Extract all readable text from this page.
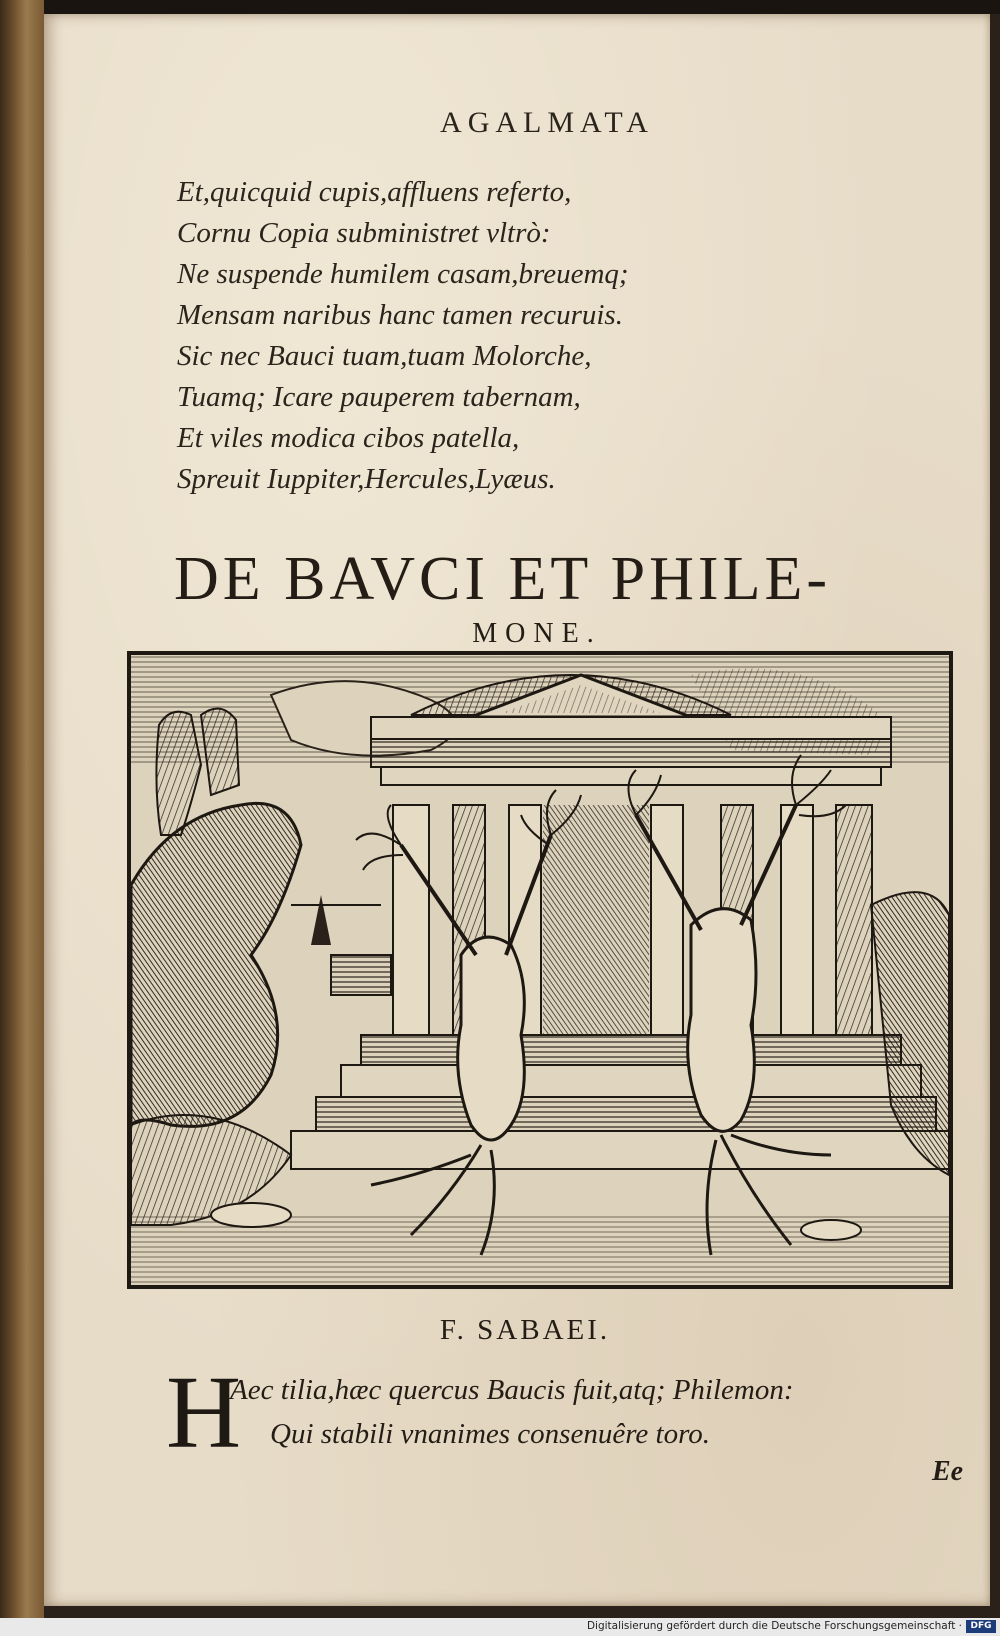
AGALMATA
Et,quicquid cupis,affluens referto,
Cornu Copia subministret vltrò:
Ne suspende humilem casam,breuemq;
Mensam naribus hanc tamen recuruis.
Sic nec Bauci tuam,tuam Molorche,
Tuamq; Icare pauperem tabernam,
Et viles modica cibos patella,
Spreuit Iuppiter,Hercules,Lyæus.
DE BAVCI ET PHILE-
MONE.
F. SABAEI.
H
Aec tilia,hæc quercus Baucis fuit,atq; Philemon:
Qui stabili vnanimes consenuêre toro.
Ee
Digitalisierung gefördert durch die Deutsche Forschungsgemeinschaft · DFG
